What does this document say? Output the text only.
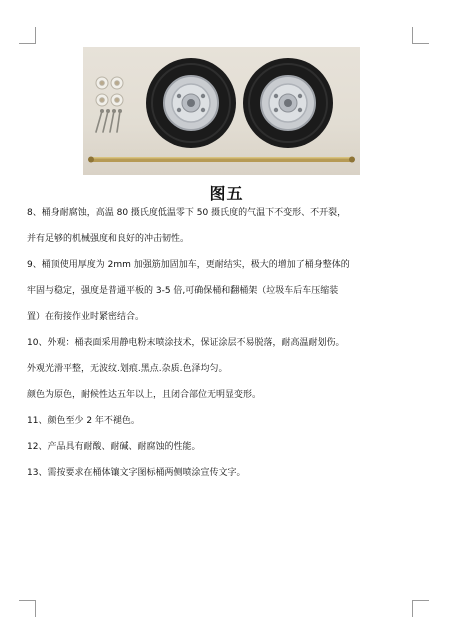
图五
8、桶身耐腐蚀，高温 80 摄氏度低温零下 50 摄氏度的气温下不变形、不开裂，
并有足够的机械强度和良好的冲击韧性。
9、桶顶使用厚度为 2mm 加强筋加固加车，更耐结实，极大的增加了桶身整体的
牢固与稳定，强度是普通平板的 3-5 倍,可确保桶和翻桶架（垃圾车后车压缩装
置）在衔接作业时紧密结合。
10、外观：桶表面采用静电粉末喷涂技术，保证涂层不易脱落，耐高温耐划伤。
外观光滑平整，无波纹.划痕.黑点.杂质.色泽均匀。
颜色为原色，耐候性达五年以上，且闭合部位无明显变形。
11、颜色至少 2 年不褪色。
12、产品具有耐酸、耐碱、耐腐蚀的性能。
13、需按要求在桶体镶文字图标桶两侧喷涂宣传文字。
